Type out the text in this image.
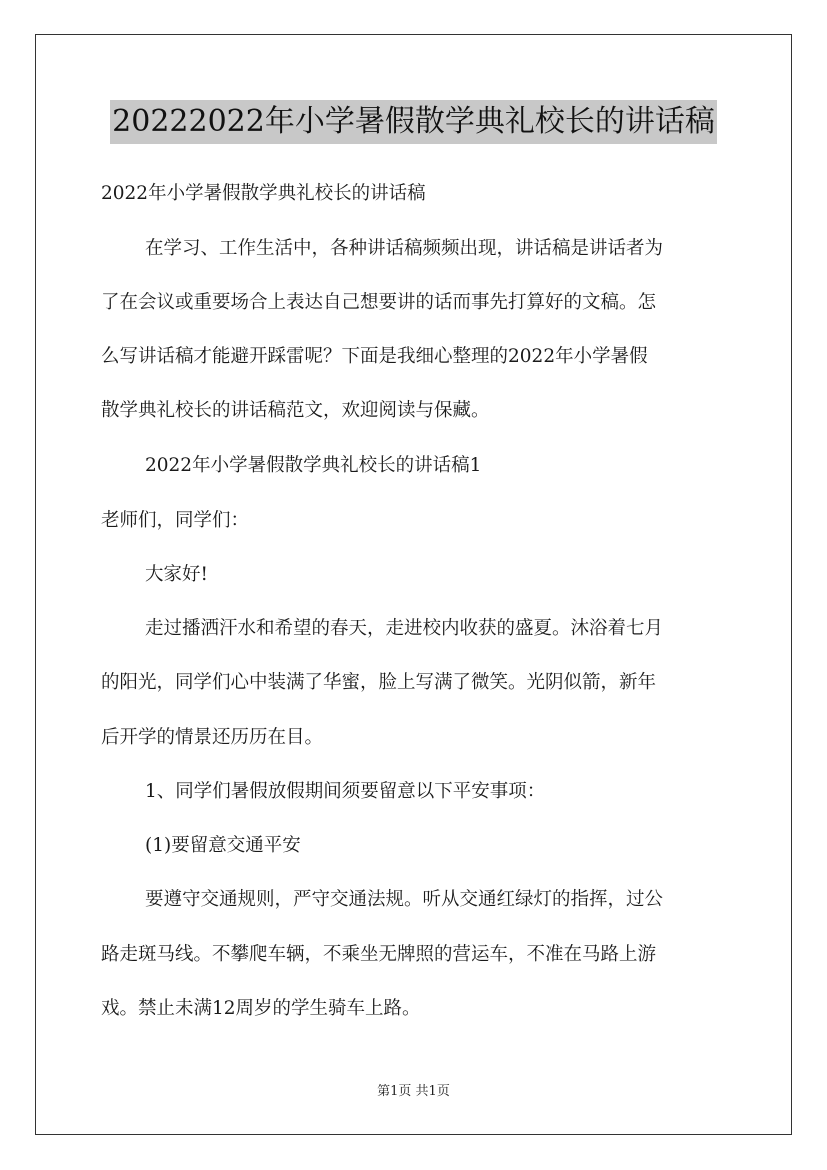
20222022年小学暑假散学典礼校长的讲话稿
2022年小学暑假散学典礼校长的讲话稿
在学习、工作生活中，各种讲话稿频频出现，讲话稿是讲话者为
了在会议或重要场合上表达自己想要讲的话而事先打算好的文稿。怎
么写讲话稿才能避开踩雷呢？下面是我细心整理的2022年小学暑假
散学典礼校长的讲话稿范文，欢迎阅读与保藏。
2022年小学暑假散学典礼校长的讲话稿1
老师们，同学们：
大家好!
走过播洒汗水和希望的春天，走进校内收获的盛夏。沐浴着七月
的阳光，同学们心中装满了华蜜，脸上写满了微笑。光阴似箭，新年
后开学的情景还历历在目。
1、同学们暑假放假期间须要留意以下平安事项：
(1)要留意交通平安
要遵守交通规则，严守交通法规。听从交通红绿灯的指挥，过公
路走斑马线。不攀爬车辆，不乘坐无牌照的营运车，不准在马路上游
戏。禁止未满12周岁的学生骑车上路。
第1页 共1页
